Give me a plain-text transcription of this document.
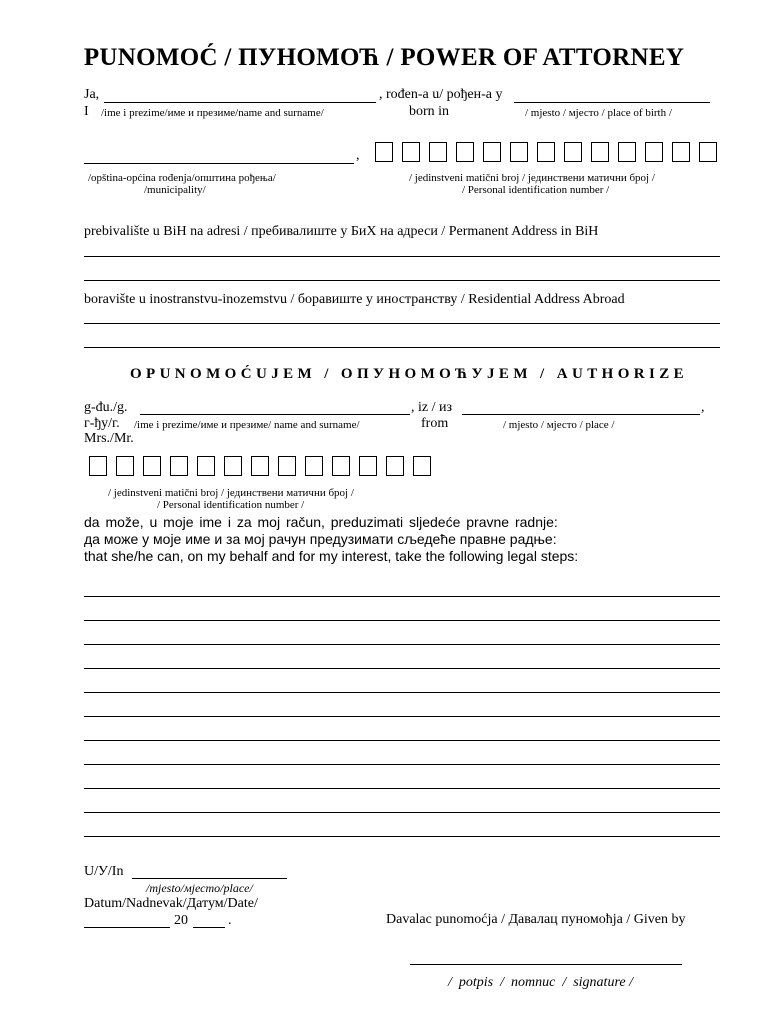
PUNOMOĆ / ПУНОМОЋ / POWER OF ATTORNEY
Ja,	, rođen-a u/ рођен-а у
I /ime i prezime/име и презиме/name and surname/	born in	/ mjesto / мјесто / place of birth /
,
/opština-općina rođenja/општина рођења/
/municipality/
/ jedinstveni matični broj / јединствени матични број /
/ Personal identification number /
prebivalište u BiH na adresi / пребивалиште у БиХ на адреси / Permanent Address in BiH
boravište u inostranstvu-inozemstvu / боравиште у иностранству / Residential Address Abroad
OPUNOMOĆUJEM / ОПУНОМОЋУЈЕМ / AUTHORIZE
g-đu./g.	, iz / из	,
г-ђу/г. /ime i prezime/име и презиме/ name and surname/	from	/ mjesto / мјесто / place /
Mrs./Mr.
/ jedinstveni matični broj / јединствени матични број /
/ Personal identification number /
da može, u moje ime i za moj račun, preduzimati sljedeće pravne radnje:
да може у моје име и за мој рачун предузимати сљедеће правне радње:
that she/he can, on my behalf and for my interest, take the following legal steps:
U/У/In
/mjesto/мјесто/place/
Datum/Nadnevak/Датум/Date/
20	.	Davalac punomoćja / Давалац пуномоћја / Given by
/  potpis  /  потпис  /  signature /
